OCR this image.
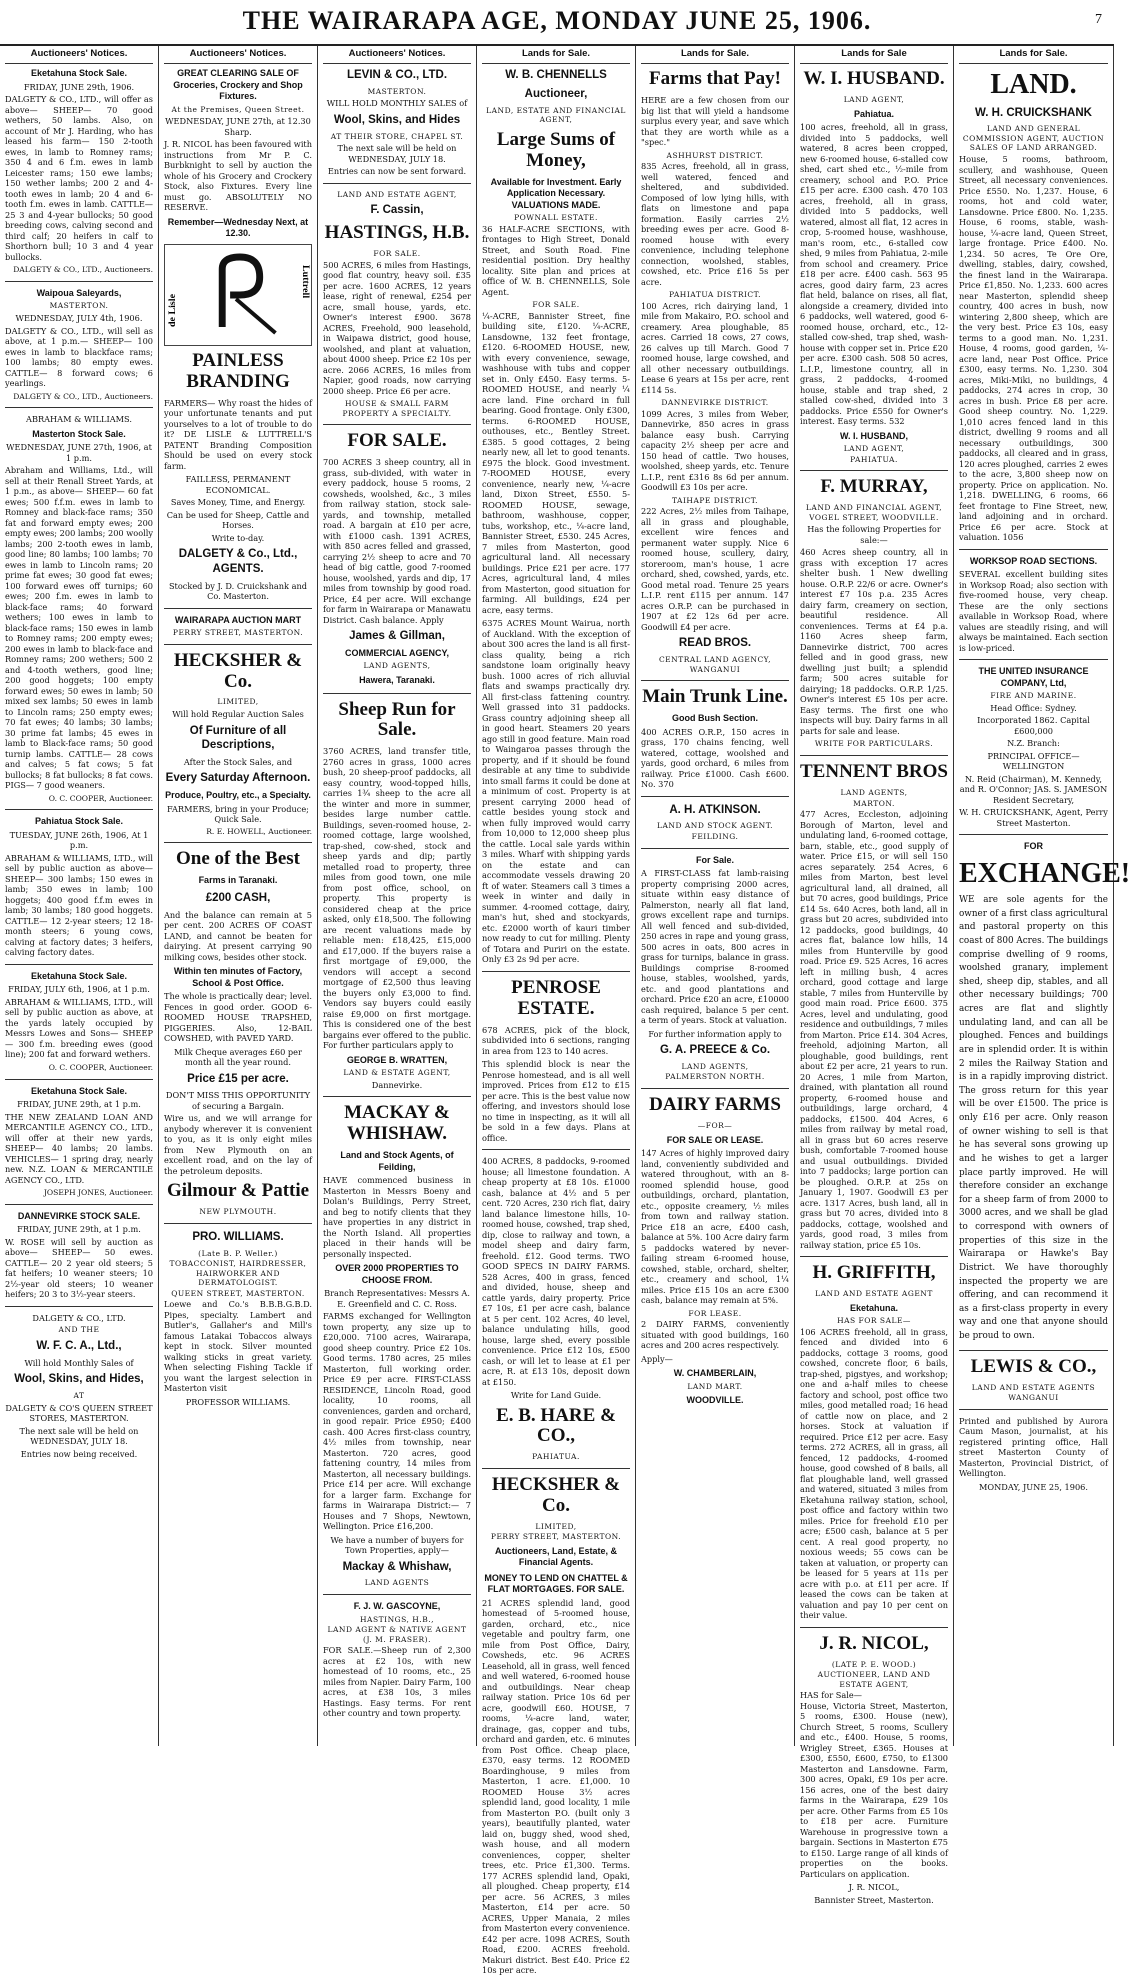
THE WAIRARAPA AGE, MONDAY JUNE 25, 1906.	7
Auctioneers' Notices.
Eketahuna Stock Sale.
FRIDAY, JUNE 29th, 1906.

DALGETY & CO., LTD., will offer as above— SHEEP— 70 good wethers, 50 lambs. Also, on account of Mr J. Harding, who has leased his farm— 150 2-tooth ewes, in lamb to Romney rams; 350 4 and 6 f.m. ewes in lamb Leicester rams; 150 ewe lambs; 150 wether lambs; 200 2 and 4-tooth ewes in lamb; 20 4 and 6-tooth f.m. ewes in lamb. CATTLE— 25 3 and 4-year bullocks; 50 good breeding cows, calving second and third calf; 20 heifers in calf to Shorthorn bull; 10 3 and 4 year bullocks.

DALGETY & CO., LTD., Auctioneers.
Waipoua Saleyards,
MASTERTON.
WEDNESDAY, JULY 4th, 1906.

DALGETY & CO., LTD., will sell as above, at 1 p.m.— SHEEP— 100 ewes in lamb to blackface rams; 100 lambs; 80 empty ewes. CATTLE— 8 forward cows; 6 yearlings.

DALGETY & CO., LTD., Auctioneers.
ABRAHAM & WILLIAMS.
Masterton Stock Sale.
WEDNESDAY, JUNE 27th, 1906, at 1 p.m.

Abraham and Williams, Ltd., will sell at their Renall Street Yards, at 1 p.m., as above— SHEEP— 60 fat ewes; 500 f.f.m. ewes in lamb to Romney and black-face rams; 350 fat and forward empty ewes; 200 empty ewes; 200 lambs; 200 woolly lambs; 200 2-tooth ewes in lamb, good line; 80 lambs; 100 lambs; 70 ewes in lamb to Lincoln rams; 20 prime fat ewes; 30 good fat ewes; 100 forward ewes off turnips; 60 ewes; 200 f.m. ewes in lamb to black-face rams; 40 forward wethers; 100 ewes in lamb to black-face rams; 150 ewes in lamb to Romney rams; 200 empty ewes; 200 ewes in lamb to black-face and Romney rams; 200 wethers; 500 2 and 4-tooth wethers, good line; 200 good hoggets; 100 empty forward ewes; 50 ewes in lamb; 50 mixed sex lambs; 50 ewes in lamb to Lincoln rams; 250 empty ewes; 70 fat ewes; 40 lambs; 30 lambs; 30 prime fat lambs; 45 ewes in lamb to Black-face rams; 50 good turnip lambs. CATTLE— 28 cows and calves; 5 fat cows; 5 fat bullocks; 8 fat bullocks; 8 fat cows. PIGS— 7 good weaners.

O. C. COOPER, Auctioneer.
Pahiatua Stock Sale.
TUESDAY, JUNE 26th, 1906, At 1 p.m.

ABRAHAM & WILLIAMS, LTD., will sell by public auction as above— SHEEP— 300 lambs; 150 ewes in lamb; 350 ewes in lamb; 100 hoggets; 400 good f.f.m ewes in lamb; 30 lambs; 180 good hoggets. CATTLE— 12 2-year steers; 12 18-month steers; 6 young cows, calving at factory dates; 3 heifers, calving factory dates.

Eketahuna Stock Sale.
FRIDAY, JULY 6th, 1906, at 1 p.m.

ABRAHAM & WILLIAMS, LTD., will sell by public auction as above, at the yards lately occupied by Messrs Lowes and Sons— SHEEP— 300 f.m. breeding ewes (good line); 200 fat and forward wethers.

O. C. COOPER, Auctioneer.
Eketahuna Stock Sale.
FRIDAY, JUNE 29th, at 1 p.m.

THE NEW ZEALAND LOAN AND MERCANTILE AGENCY CO., LTD., will offer at their new yards, SHEEP— 40 lambs; 20 lambs. VEHICLES— 1 spring dray, nearly new. N.Z. LOAN & MERCANTILE AGENCY CO., LTD.

JOSEPH JONES, Auctioneer.
DANNEVIRKE STOCK SALE.
FRIDAY, JUNE 29th, at 1 p.m.

W. ROSE will sell by auction as above— SHEEP— 50 ewes. CATTLE— 20 2 year old steers; 5 fat heifers; 10 weaner steers; 10 2½-year old steers; 10 weaner heifers; 20 3 to 3½-year steers.

DALGETY & CO., LTD.
AND THE
W. F. C. A., Ltd.,
Will hold Monthly Sales of
Wool, Skins, and Hides,
AT
DALGETY & CO'S QUEEN STREET STORES, MASTERTON.
The next sale will be held on WEDNESDAY, JULY 18.
Entries now being received.
Auctioneers' Notices.
GREAT CLEARING SALE OF Groceries, Crockery and Shop Fixtures.
At the Premises, Queen Street.
WEDNESDAY, JUNE 27th, at 12.30 Sharp.

J. R. NICOL has been favoured with instructions from Mr P. C. Burbknight to sell by auction the whole of his Grocery and Crockery Stock, also Fixtures. Every line must go. ABSOLUTELY NO RESERVE.

Remember—Wednesday Next, at 12.30.
de Lisle
Luttrell
PAINLESS BRANDING

FARMERS— Why roast the hides of your unfortunate tenants and put yourselves to a lot of trouble to do it? DE LISLE & LUTTRELL'S PATENT Branding Composition Should be used on every stock farm.

FAILLESS, PERMANENT ECONOMICAL.
Saves Money, Time, and Energy.
Can be used for Sheep, Cattle and Horses.
Write to-day.
DALGETY & Co., Ltd., AGENTS.
Stocked by J. D. Cruickshank and Co. Masterton.
WAIRARAPA AUCTION MART
PERRY STREET, MASTERTON.
HECKSHER & Co.
LIMITED,
Will hold Regular Auction Sales
Of Furniture of all Descriptions,
After the Stock Sales, and
Every Saturday Afternoon.
Produce, Poultry, etc., a Specialty.
FARMERS, bring in your Produce; Quick Sale.
R. E. HOWELL, Auctioneer.
One of the Best
Farms in Taranaki.
£200 CASH,

And the balance can remain at 5 per cent. 200 ACRES OF COAST LAND, and cannot be beaten for dairying. At present carrying 90 milking cows, besides other stock.

Within ten minutes of Factory, School & Post Office.

The whole is practically dear; level. Fences in good order. GOOD 6-ROOMED HOUSE TRAPSHED, PIGGERIES. Also, 12-BAIL COWSHED, with PAVED YARD.

Milk Cheque averages £60 per month all the year round.
Price £15 per acre.
DON'T MISS THIS OPPORTUNITY of securing a Bargain.

Wire us, and we will arrange for anybody wherever it is convenient to you, as it is only eight miles from New Plymouth on an excellent road, and on the lay of the petroleum deposits.

Gilmour & Pattie
NEW PLYMOUTH.
PRO. WILLIAMS.
(Late B. P. Weller.)
TOBACCONIST, HAIRDRESSER, HAIRWORKER AND DERMATOLOGIST.
QUEEN STREET, MASTERTON.

Loewe and Co.'s B.B.B.G.B.D. Pipes, specialty. Lambert and Butler's, Gallaher's and Mill's famous Latakai Tobaccos always kept in stock. Silver mounted walking sticks in great variety. When selecting Fishing Tackle if you want the largest selection in Masterton visit

PROFESSOR WILLIAMS.
Auctioneers' Notices.
LEVIN & CO., LTD.
MASTERTON.
WILL HOLD MONTHLY SALES of
Wool, Skins, and Hides
AT THEIR STORE, CHAPEL ST.
The next sale will be held on WEDNESDAY, JULY 18.
Entries can now be sent forward.
LAND AND ESTATE AGENT,
F. Cassin,
HASTINGS, H.B.
FOR SALE.

500 ACRES, 6 miles from Hastings, good flat country, heavy soil. £35 per acre. 1600 ACRES, 12 years lease, right of renewal, £254 per acre, small house, yards, etc. Owner's interest £900. 3678 ACRES, Freehold, 900 leasehold, in Waipawa district, good house, woolshed, and plant at valuation, about 4000 sheep. Price £2 10s per acre. 2066 ACRES, 16 miles from Napier, good roads, now carrying 2000 sheep. Price £6 per acre.

HOUSE & SMALL FARM PROPERTY A SPECIALTY.
FOR SALE.

700 ACRES 3 sheep country, all in grass, sub-divided, with water in every paddock, house 5 rooms, 2 cowsheds, woolshed, &c., 3 miles from railway station, stock sale-yards, and township, metalled road. A bargain at £10 per acre, with £1000 cash. 1391 ACRES, with 850 acres felled and grassed, carrying 2½ sheep to acre and 70 head of big cattle, good 7-roomed house, woolshed, yards and dip, 17 miles from township by good road. Price, £4 per acre. Will exchange for farm in Wairarapa or Manawatu District. Cash balance. Apply

James & Gillman,
COMMERCIAL AGENCY,
LAND AGENTS,
Hawera, Taranaki.
Sheep Run for Sale.

3760 ACRES, land transfer title, 2760 acres in grass, 1000 acres bush, 20 sheep-proof paddocks, all easy country, wood-topped hills, carries 1¾ sheep to the acre all the winter and more in summer, besides large number cattle. Buildings, seven-roomed house, 2-roomed cottage, large woolshed, trap-shed, cow-shed, stock and sheep yards and dip; partly metalled road to property, three miles from good town, one mile from post office, school, on property. This property is considered cheap at the price asked, only £18,500. The following are recent valuations made by reliable men: £18,425, £15,000 and £17,000. If the buyers raise a first mortgage of £9,000, the vendors will accept a second mortgage of £2,500 thus leaving the buyers only £3,000 to find. Vendors say buyers could easily raise £9,000 on first mortgage. This is considered one of the best bargains ever offered to the public. For further particulars apply to

GEORGE B. WRATTEN,
LAND & ESTATE AGENT,
Dannevirke.
MACKAY & WHISHAW.
Land and Stock Agents, of Feilding,

HAVE commenced business in Masterton in Messrs Boeny and Dolan's Buildings, Perry Street, and beg to notify clients that they have properties in any district in the North Island. All properties placed in their hands will be personally inspected.

OVER 2000 PROPERTIES TO CHOOSE FROM.
Branch Representatives: Messrs A. E. Greenfield and C. C. Ross.

FARMS exchanged for Wellington town property, any size up to £20,000. 7100 acres, Wairarapa, good sheep country. Price £2 10s. Good terms. 1780 acres, 25 miles Masterton, full working order. Price £9 per acre. FIRST-CLASS RESIDENCE, Lincoln Road, good locality, 10 rooms, all conveniences, garden and orchard, in good repair. Price £950; £400 cash. 400 Acres first-class country, 4½ miles from township, near Masterton. 720 acres, good fattening country, 14 miles from Masterton, all necessary buildings. Price £14 per acre. Will exchange for a larger farm. Exchange for farms in Wairarapa District:— 7 Houses and 7 Shops, Newtown, Wellington. Price £16,200.

We have a number of buyers for Town Properties, apply—
Mackay & Whishaw,
LAND AGENTS
F. J. W. GASCOYNE,
HASTINGS, H.B.,
LAND AGENT & NATIVE AGENT (J. M. FRASER).

FOR SALE.—Sheep run of 2,300 acres at £2 10s, with new homestead of 10 rooms, etc., 25 miles from Napier. Dairy Farm, 100 acres, at £38 10s, 3 miles Hastings. Easy terms. For rent other country and town property.

Lands for Sale.
W. B. CHENNELLS
Auctioneer,
LAND, ESTATE AND FINANCIAL AGENT,
Large Sums of Money,
Available for Investment. Early Application Necessary. VALUATIONS MADE.
POWNALL ESTATE.

36 HALF-ACRE SECTIONS, with frontages to High Street, Donald Street, and South Road. Fine residential position. Dry healthy locality. Site plan and prices at office of W. B. CHENNELLS, Sole Agent.

FOR SALE.

¼-ACRE, Bannister Street, fine building site, £120. ¼-ACRE, Lansdowne, 132 feet frontage, £120. 6-ROOMED HOUSE, new, with every convenience, sewage, washhouse with tubs and copper set in. Only £450. Easy terms. 5-ROOMED HOUSE, and nearly ¼ acre land. Fine orchard in full bearing. Good frontage. Only £300, terms. 6-ROOMED HOUSE, outhouses, etc., Bentley Street. £385. 5 good cottages, 2 being nearly new, all let to good tenants. £975 the block. Good investment. 7-ROOMED HOUSE, every convenience, nearly new, ¼-acre land, Dixon Street, £550. 5-ROOMED HOUSE, sewage, bathroom, washhouse, copper, tubs, workshop, etc., ¼-acre land, Bannister Street, £530. 245 Acres, 7 miles from Masterton, good agricultural land. All necessary buildings. Price £21 per acre. 177 Acres, agricultural land, 4 miles from Masterton, good situation for farming. All buildings, £24 per acre, easy terms.

6375 ACRES Mount Wairua, north of Auckland. With the exception of about 300 acres the land is all first-class quality, being a rich sandstone loam originally heavy bush. 1000 acres of rich alluvial flats and swamps practically dry. All first-class fattening country. Well grassed into 31 paddocks. Grass country adjoining sheep all in good heart. Steamers 20 years ago still in good feature. Main road to Waingaroa passes through the property, and if it should be found desirable at any time to subdivide into small farms it could be done at a minimum of cost. Property is at present carrying 2000 head of cattle besides young stock and when fully improved would carry from 10,000 to 12,000 sheep plus the cattle. Local sale yards within 3 miles. Wharf with shipping yards on the estate and can accommodate vessels drawing 20 ft of water. Steamers call 3 times a week in winter and daily in summer. 4-roomed cottage, dairy, man's hut, shed and stockyards, etc. £2000 worth of kauri timber now ready to cut for milling. Plenty of Totara and Puriri on the estate. Only £3 2s 9d per acre.

PENROSE ESTATE.

678 ACRES, pick of the block, subdivided into 6 sections, ranging in area from 123 to 140 acres.

This splendid block is near the Penrose homestead, and is all well improved. Prices from £12 to £15 per acre. This is the best value now offering, and investors should lose no time in inspecting, as it will all be sold in a few days. Plans at office.

400 ACRES, 8 paddocks, 9-roomed house; all limestone foundation. A cheap property at £8 10s. £1000 cash, balance at 4½ and 5 per cent. 720 Acres, 230 rich flat, dairy land balance limestone hills, 10-roomed house, cowshed, trap shed, dip, close to railway and town, a model sheep and dairy farm, freehold. £12. Good terms. TWO GOOD SPECS IN DAIRY FARMS. 528 Acres, 400 in grass, fenced and divided, house, sheep and cattle yards, dairy property. Price £7 10s, £1 per acre cash, balance at 5 per cent. 102 Acres, 40 level, balance undulating hills, good house, large shed, every possible convenience. Price £12 10s, £500 cash, or will let to lease at £1 per acre, R. at £13 10s, deposit down at £150.

Write for Land Guide.
E. B. HARE & CO.,
PAHIATUA.
HECKSHER & Co.
LIMITED,
PERRY STREET, MASTERTON.
Auctioneers, Land, Estate, & Financial Agents.
MONEY TO LEND ON CHATTEL & FLAT MORTGAGES. FOR SALE.

21 ACRES splendid land, good homestead of 5-roomed house, garden, orchard, etc., nice vegetable and poultry farm, one mile from Post Office, Dairy, Cowsheds, etc. 96 ACRES Leasehold, all in grass, well fenced and well watered, 6-roomed house and outbuildings. Near cheap railway station. Price 10s 6d per acre, goodwill £60. HOUSE, 7 rooms, ¼-acre land, water, drainage, gas, copper and tubs, orchard and garden, etc. 6 minutes from Post Office. Cheap place, £370, easy terms. 12 ROOMED Boardinghouse, 9 miles from Masterton, 1 acre. £1,000. 10 ROOMED House 3½ acres splendid land, good locality, 1 mile from Masterton P.O. (built only 3 years), beautifully planted, water laid on, buggy shed, wood shed, wash house, and all modern conveniences, copper, shelter trees, etc. Price £1,300. Terms. 177 ACRES splendid land, Opaki, all ploughed. Cheap property, £14 per acre. 56 ACRES, 3 miles Masterton, £14 per acre. 50 ACRES, Upper Manaia, 2 miles from Masterton every convenience. £42 per acre. 1098 ACRES, South Road, £200. ACRES freehold. Makuri district. Best £40. Price £2 10s per acre.

Lands for Sale.
Farms that Pay!

HERE are a few chosen from our big list that will yield a handsome surplus every year, and save which that they are worth while as a "spec."

ASHHURST DISTRICT.

835 Acres, freehold, all in grass, well watered, fenced and sheltered, and subdivided. Composed of low lying hills, with flats on limestone and papa formation. Easily carries 2½ breeding ewes per acre. Good 8-roomed house with every convenience, including telephone connection, woolshed, stables, cowshed, etc. Price £16 5s per acre.

PAHIATUA DISTRICT.

100 Acres, rich dairying land, 1 mile from Makairo, P.O. school and creamery. Area ploughable, 85 acres. Carried 18 cows, 27 cows, 26 calves up till March. Good 7 roomed house, large cowshed, and all other necessary outbuildings. Lease 6 years at 15s per acre, rent £114 5s.

DANNEVIRKE DISTRICT.

1099 Acres, 3 miles from Weber, Dannevirke, 850 acres in grass balance easy bush. Carrying capacity 2½ sheep per acre and 150 head of cattle. Two houses, woolshed, sheep yards, etc. Tenure L.I.P., rent £316 8s 6d per annum. Goodwill £3 10s per acre.

TAIHAPE DISTRICT.

222 Acres, 2½ miles from Taihape, all in grass and ploughable, excellent wire fences and permanent water supply. Nice 6 roomed house, scullery, dairy, storeroom, man's house, 1 acre orchard, shed, cowshed, yards, etc. Good metal road. Tenure 25 years L.I.P. rent £115 per annum. 147 acres O.R.P. can be purchased in 1907 at £2 12s 6d per acre. Goodwill £4 per acre.

READ BROS.
CENTRAL LAND AGENCY, WANGANUI
Main Trunk Line.
Good Bush Section.

400 ACRES O.R.P., 150 acres in grass, 170 chains fencing, well watered, cottage, woolshed and yards, good orchard, 6 miles from railway. Price £1000. Cash £600. No. 370

A. H. ATKINSON.
LAND AND STOCK AGENT.
FEILDING.
For Sale.

A FIRST-CLASS fat lamb-raising property comprising 2000 acres, situate within easy distance of Palmerston, nearly all flat land, grows excellent rape and turnips. All well fenced and sub-divided, 250 acres in rape and young grass, 500 acres in oats, 800 acres in grass for turnips, balance in grass. Buildings comprise 8-roomed house, stables, woolshed, yards, etc. and good plantations and orchard. Price £20 an acre, £10000 cash required, balance 5 per cent. a term of years. Stock at valuation.

For further information apply to
G. A. PREECE & Co.
LAND AGENTS,
PALMERSTON NORTH.
DAIRY FARMS
—FOR—
FOR SALE OR LEASE.

147 Acres of highly improved dairy land, conveniently subdivided and watered throughout, with an 8-roomed splendid house, good outbuildings, orchard, plantation, etc., opposite creamery, ½ miles from town and railway station. Price £18 an acre, £400 cash, balance at 5%. 100 Acre dairy farm 5 paddocks watered by never-failing stream 6-roomed house, cowshed, stable, orchard, shelter, etc., creamery and school, 1¼ miles. Price £15 10s an acre £300 cash, balance may remain at 5%.

FOR LEASE.

2 DAIRY FARMS, conveniently situated with good buildings, 160 acres and 200 acres respectively.

Apply—
W. CHAMBERLAIN,
LAND MART.
WOODVILLE.
Lands for Sale
W. I. HUSBAND.
LAND AGENT,
Pahiatua.

100 acres, freehold, all in grass, divided into 5 paddocks, well watered, 8 acres been cropped, new 6-roomed house, 6-stalled cow shed, cart shed etc., ½-mile from creamery, school and P.O. Price £15 per acre. £300 cash. 470 103 acres, freehold, all in grass, divided into 5 paddocks, well watered, almost all flat, 12 acres in crop, 5-roomed house, washhouse, man's room, etc., 6-stalled cow shed, 9 miles from Pahiatua, 2-mile from school and creamery. Price £18 per acre. £400 cash. 563 95 acres, good dairy farm, 23 acres flat held, balance on rises, all flat, alongside a creamery, divided into 6 paddocks, well watered, good 6-roomed house, orchard, etc., 12-stalled cow-shed, trap shed, wash-house with copper set in. Price £20 per acre. £300 cash. 508 50 acres, L.I.P., limestone country, all in grass, 2 paddocks, 4-roomed house, stable and trap shed, 2 stalled cow-shed, divided into 3 paddocks. Price £550 for Owner's interest. Easy terms. 532

W. I. HUSBAND,
LAND AGENT,
PAHIATUA.
F. MURRAY,
LAND AND FINANCIAL AGENT, VOGEL STREET, WOODVILLE.
Has the following Properties for sale:—

460 Acres sheep country, all in grass with exception 17 acres shelter bush. 1 New dwelling house. O.R.P. 22/6 or acre. Owner's interest £7 10s p.a. 235 Acres dairy farm, creamery on section, beautiful residence. All conveniences. Terms at £4 p.a. 1160 Acres sheep farm, Dannevirke district, 700 acres felled and in good grass, new dwelling just built; a splendid farm; 500 acres suitable for dairying; 18 paddocks. O.R.P. 1/25. Owner's interest £5 10s per acre. Easy terms. The first one who inspects will buy. Dairy farms in all parts for sale and lease.

WRITE FOR PARTICULARS.
TENNENT BROS
LAND AGENTS,
MARTON.

477 Acres, Eccleston, adjoining Borough of Marton, level and undulating land, 6-roomed cottage, barn, stable, etc., good supply of water. Price £15, or will sell 150 acres separately. 254 Acres, 6 miles from Marton, best level agricultural land, all drained, all but 70 acres, good buildings, Price £14 5s. 640 Acres, both land, all in grass but 20 acres, subdivided into 12 paddocks, good buildings, 40 acres flat, balance low hills, 14 miles from Hunterville by good road. Price £9. 525 Acres, 16 acres left in milling bush, 4 acres orchard, good cottage and large stable, 7 miles from Hunterville by good main road. Price £600. 375 Acres, level and undulating, good residence and outbuildings, 7 miles from Marton. Price £14. 304 Acres, freehold, adjoining Marton, all ploughable, good buildings, rent about £2 per acre, 21 years to run. 20 Acres, 1 mile from Marton, drained, with plantation all round property, 6-roomed house and outbuildings, large orchard, 4 paddocks, £1500. 404 Acres, 6 miles from railway by metal road, all in grass but 60 acres reserve bush, comfortable 7-roomed house and usual outbuildings. Divided into 7 paddocks; large portion can be ploughed. O.R.P. at 25s on January 1, 1907. Goodwill £3 per acre. 1317 Acres, bush land, all in grass but 70 acres, divided into 8 paddocks, cottage, woolshed and yards, good road, 3 miles from railway station, price £5 10s.

H. GRIFFITH,
LAND AND ESTATE AGENT
Eketahuna.
HAS FOR SALE—

106 ACRES freehold, all in grass, fenced and divided into 6 paddocks, cottage 3 rooms, good cowshed, concrete floor, 6 bails, trap-shed, pigstyes, and workshop; one and a-half miles to cheese factory and school, post office two miles, good metalled road; 16 head of cattle now on place, and 2 horses. Stock at valuation if required. Price £12 per acre. Easy terms. 272 ACRES, all in grass, all fenced, 12 paddocks, 4-roomed house, good cowshed of 8 bails, all flat ploughable land, well grassed and watered, situated 3 miles from Eketahuna railway station, school, post office and factory within two miles. Price for freehold £10 per acre; £500 cash, balance at 5 per cent. A real good property, no noxious weeds; 55 cows can be taken at valuation, or property can be leased for 5 years at 11s per acre with p.o. at £11 per acre. If leased the cows can be taken at valuation and pay 10 per cent on their value.

J. R. NICOL,
(LATE P. E. WOOD.)
AUCTIONEER, LAND AND ESTATE AGENT,
HAS for Sale—

House, Victoria Street, Masterton, 5 rooms, £300. House (new), Church Street, 5 rooms, Scullery and etc., £400. House, 5 rooms, Wrigley Street, £365. Houses at £300, £550, £600, £750, to £1300 Masterton and Lansdowne. Farm, 300 acres, Opaki, £9 10s per acre. 156 acres, one of the best dairy farms in the Wairarapa, £29 10s per acre. Other Farms from £5 10s to £18 per acre. Furniture Warehouse in progressive town a bargain. Sections in Masterton £75 to £150. Large range of all kinds of properties on the books. Particulars on application.

J. R. NICOL,
Bannister Street, Masterton.
Lands for Sale.
LAND.
W. H. CRUICKSHANK
LAND AND GENERAL COMMISSION AGENT, AUCTION SALES OF LAND ARRANGED.

House, 5 rooms, bathroom, scullery, and washhouse, Queen Street, all necessary conveniences. Price £550. No. 1,237. House, 6 rooms, hot and cold water, Lansdowne. Price £800. No. 1,235. House, 6 rooms, stable, wash-house, ¼-acre land, Queen Street, large frontage. Price £400. No. 1,234. 50 acres, Te Ore Ore, dwelling, stables, dairy, cowshed, the finest land in the Wairarapa. Price £1,850. No. 1,233. 600 acres near Masterton, splendid sheep country, 400 acres in bush, now wintering 2,800 sheep, which are the very best. Price £3 10s, easy terms to a good man. No. 1,231. House, 4 rooms, good garden, ¼-acre land, near Post Office. Price £300, easy terms. No. 1,230. 304 acres, Miki-Miki, no buildings, 4 paddocks, 274 acres in crop, 30 acres in bush. Price £8 per acre. Good sheep country. No. 1,229. 1,010 acres fenced land in this district, dwelling 9 rooms and all necessary outbuildings, 300 paddocks, all cleared and in grass, 120 acres ploughed, carries 2 ewes to the acre, 3,800 sheep now on property. Price on application. No. 1,218. DWELLING, 6 rooms, 66 feet frontage to Fine Street, new, land adjoining and in orchard. Price £6 per acre. Stock at valuation. 1056

WORKSOP ROAD SECTIONS.

SEVERAL excellent building sites in Worksop Road; also section with five-roomed house, very cheap. These are the only sections available in Worksop Road, where values are steadily rising, and will always be maintained. Each section is low-priced.

THE UNITED INSURANCE COMPANY, Ltd,
FIRE AND MARINE.
Head Office: Sydney.
Incorporated 1862. Capital £600,000
N.Z. Branch:
PRINCIPAL OFFICE—WELLINGTON
N. Reid (Chairman), M. Kennedy, and R. O'Connor; JAS. S. JAMESON Resident Secretary,
W. H. CRUICKSHANK, Agent, Perry Street Masterton.
FOR
EXCHANGE!

WE are sole agents for the owner of a first class agricultural and pastoral property on this coast of 800 Acres. The buildings comprise dwelling of 9 rooms, woolshed granary, implement shed, sheep dip, stables, and all other necessary buildings; 700 acres are flat and slightly undulating land, and can all be ploughed. Fences and buildings are in splendid order. It is within 2 miles the Railway Station and is in a rapidly improving district. The gross return for this year will be over £1500. The price is only £16 per acre. Only reason of owner wishing to sell is that he has several sons growing up and he wishes to get a larger place partly improved. He will therefore consider an exchange for a sheep farm of from 2000 to 3000 acres, and we shall be glad to correspond with owners of properties of this size in the Wairarapa or Hawke's Bay District. We have thoroughly inspected the property we are offering, and can recommend it as a first-class property in every way and one that anyone should be proud to own.

LEWIS & CO.,
LAND AND ESTATE AGENTS
WANGANUI

Printed and published by Aurora Caum Mason, journalist, at his registered printing office, Hall street Masterton County of Masterton, Provincial District, of Wellington.

MONDAY, JUNE 25, 1906.
